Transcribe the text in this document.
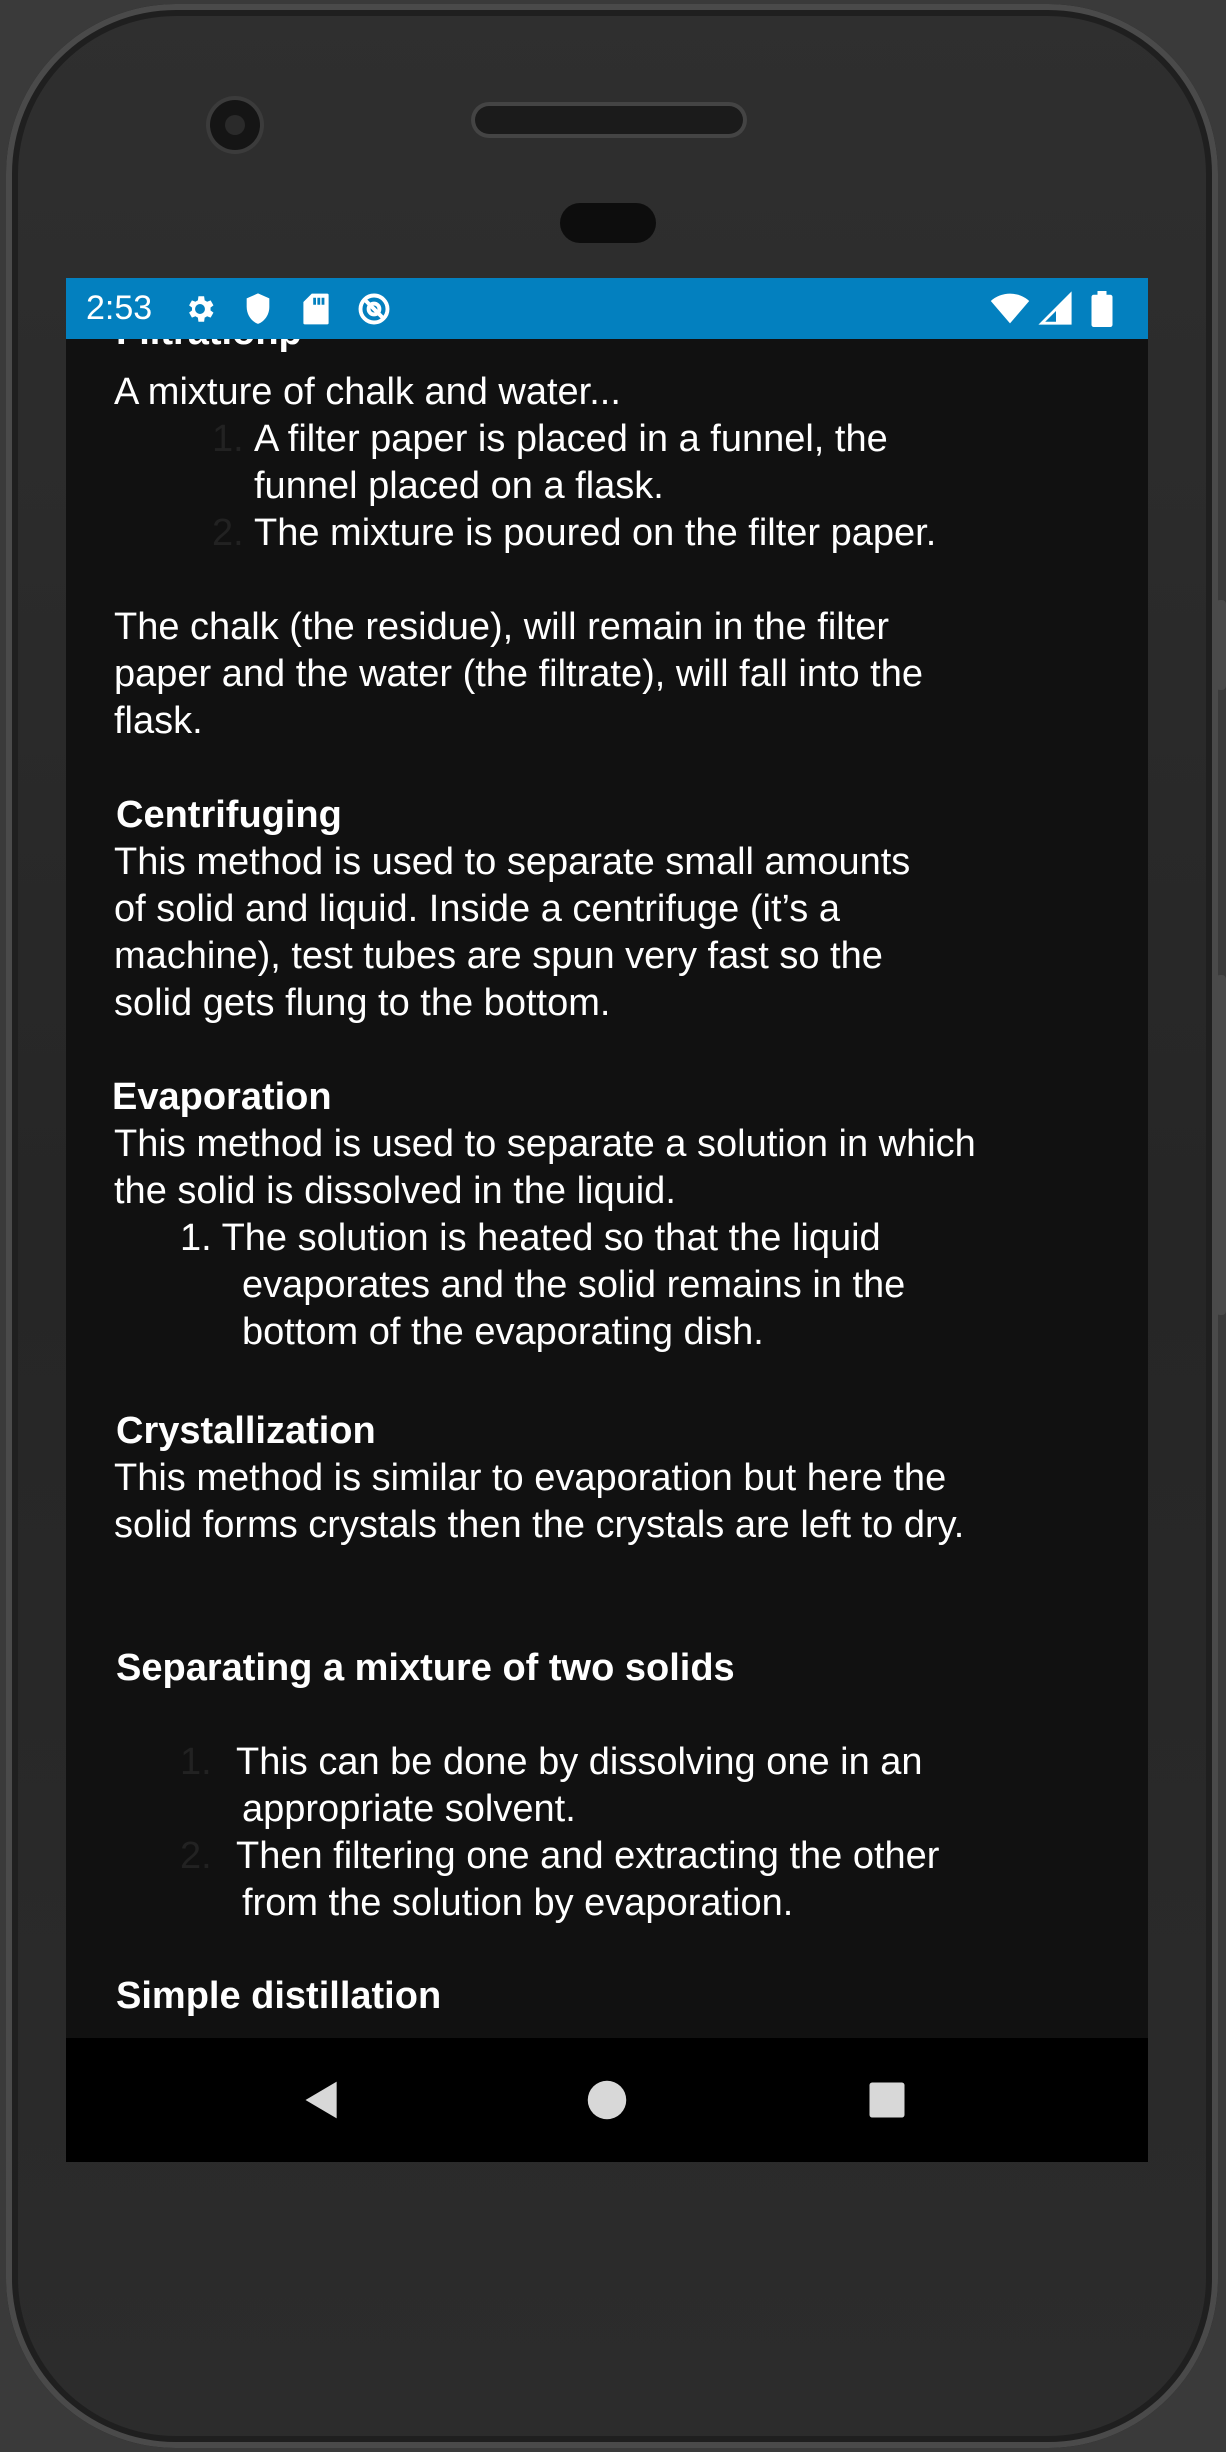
2:53
A mixture of chalk and water...
1. A filter paper is placed in a funnel, the
funnel placed on a flask.
2. The mixture is poured on the filter paper.
The chalk (the residue), will remain in the filter
paper and the water (the filtrate), will fall into the
flask.
Centrifuging
This method is used to separate small amounts
of solid and liquid. Inside a centrifuge (it’s a
machine), test tubes are spun very fast so the
solid gets flung to the bottom.
Evaporation
This method is used to separate a solution in which
the solid is dissolved in the liquid.
1. The solution is heated so that the liquid
evaporates and the solid remains in the
bottom of the evaporating dish.
Crystallization
This method is similar to evaporation but here the
solid forms crystals then the crystals are left to dry.
Separating a mixture of two solids
1. This can be done by dissolving one in an
appropriate solvent.
2. Then filtering one and extracting the other
from the solution by evaporation.
Simple distillation
